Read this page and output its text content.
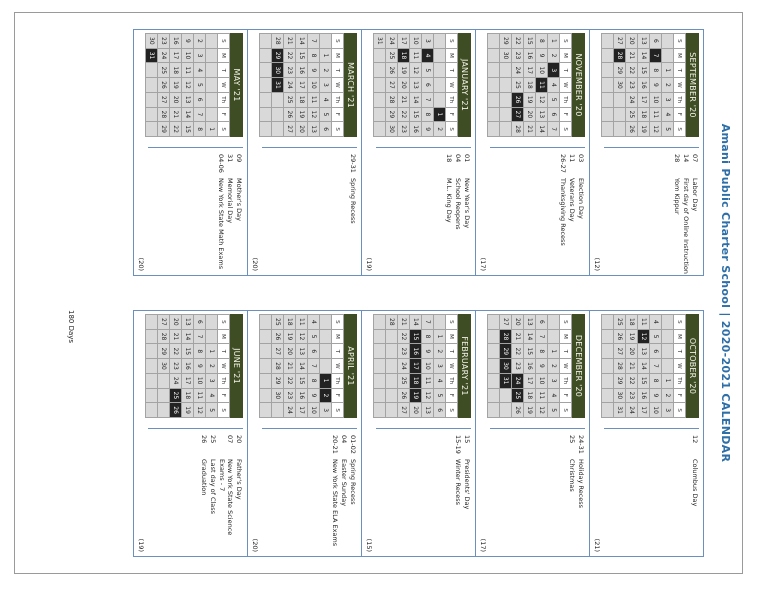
Amani Public Charter School | 2020-2021 CALENDAR
SEPTEMBER '20
S	M	T	W	Th	F	S
		1	2	3	4	5
6	7	8	9	10	11	12
13	14	15	16	17	18	19
20	21	22	23	24	25	26
27	28	29	30			

07
Labor Day
14
First day of Online Instruction
28
Yom Kippur
(12)
NOVEMBER '20
S	M	T	W	Th	F	S
1	2	3	4	5	6	7
8	9	10	11	12	13	14
15	16	17	18	19	20	21
22	23	24	25	26	27	28
29	30					

03
Election Day
11
Veterans Day
26-27
Thanksgiving Recess
(17)
JANUARY '21
S	M	T	W	Th	F	S
					1	2
3	4	5	6	7	8	9
10	11	12	13	14	15	16
17	18	19	20	21	22	23
24	25	26	27	28	29	30
31						
01
New Year's Day
04
School Reopens
18
M.L. King Day
(19)
MARCH '21
S	M	T	W	Th	F	S
	1	2	3	4	5	6
7	8	9	10	11	12	13
14	15	16	17	18	19	20
21	22	23	24	25	26	27
28	29	30	31			

29-31
Spring Recess
(20)
MAY '21
S	M	T	W	Th	F	S
						1
2	3	4	5	6	7	8
9	10	11	12	13	14	15
16	17	18	19	20	21	22
23	24	25	26	27	28	29
30	31					
09
Mother's Day
31
Memorial Day
04-06
New York State Math Exams
(20)
OCTOBER '20
S	M	T	W	Th	F	S
				1	2	3
4	5	6	7	8	9	10
11	12	13	14	15	16	17
18	19	20	21	22	23	24
25	26	27	28	29	30	31

12
Columbus Day
(21)
DECEMBER '20
S	M	T	W	Th	F	S
		1	2	3	4	5
6	7	8	9	10	11	12
13	14	15	16	17	18	19
20	21	22	23	24	25	26
27	28	29	30	31		

24-31
Holiday Recess
25
Christmas
(17)
FEBRUARY '21
S	M	T	W	Th	F	S
	1	2	3	4	5	6
7	8	9	10	11	12	13
14	15	16	17	18	19	20
21	22	23	24	25	26	27
28						

15
Presidents' Day
15-19
Winter Recess
(15)
APRIL '21
S	M	T	W	Th	F	S
				1	2	3
4	5	6	7	8	9	10
11	12	13	14	15	16	17
18	19	20	21	22	23	24
25	26	27	28	29	30	

01-02
Spring Recess
04
Easter Sunday
20-21
New York State ELA Exams
(20)
JUNE '21
S	M	T	W	Th	F	S
		1	2	3	4	5
6	7	8	9	10	11	12
13	14	15	16	17	18	19
20	21	22	23	24	25	26
27	28	29	30			

20
Father's Day
07
New York State Science Exams - 7
25
Last day of Class
26
Graduation
(19)
180 Days
